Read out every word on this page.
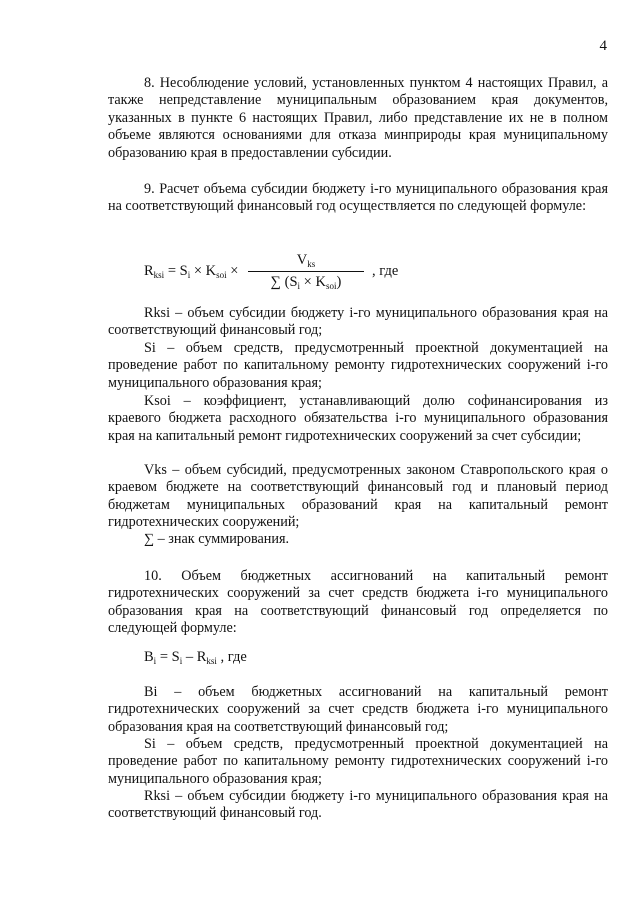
4

8. Несоблюдение условий, установленных пунктом 4 настоящих Правил, а также непредставление муниципальным образованием края документов, указанных в пункте 6 настоящих Правил, либо представление их не в полном объеме являются основаниями для отказа минприроды края муниципальному образованию края в предоставлении субсидии.

9. Расчет объема субсидии бюджету i-го муниципального образования края на соответствующий финансовый год осуществляется по следующей формуле:

$R_{ksi} = S_i \times K_{soi}$ ×
$V_{ks}$
∑ $(S_i \times K_{soi})$
, где

Rksi – объем субсидии бюджету i-го муниципального образования края на соответствующий финансовый год;

Si – объем средств, предусмотренный проектной документацией на проведение работ по капитальному ремонту гидротехнических сооружений i-го муниципального образования края;

Ksoi – коэффициент, устанавливающий долю софинансирования из краевого бюджета расходного обязательства i-го муниципального образования края на капитальный ремонт гидротехнических сооружений за счет субсидии;

Vks – объем субсидий, предусмотренных законом Ставропольского края о краевом бюджете на соответствующий финансовый год и плановый период бюджетам муниципальных образований края на капитальный ремонт гидротехнических сооружений;

∑ – знак суммирования.

10. Объем бюджетных ассигнований на капитальный ремонт гидротехнических сооружений за счет средств бюджета i-го муниципального образования края на соответствующий финансовый год определяется по следующей формуле:

$B_i = S_i - R_{ksi}$ , где

Bi – объем бюджетных ассигнований на капитальный ремонт гидротехнических сооружений за счет средств бюджета i-го муниципального образования края на соответствующий финансовый год;

Si – объем средств, предусмотренный проектной документацией на проведение работ по капитальному ремонту гидротехнических сооружений i-го муниципального образования края;

Rksi – объем субсидии бюджету i-го муниципального образования края на соответствующий финансовый год.
